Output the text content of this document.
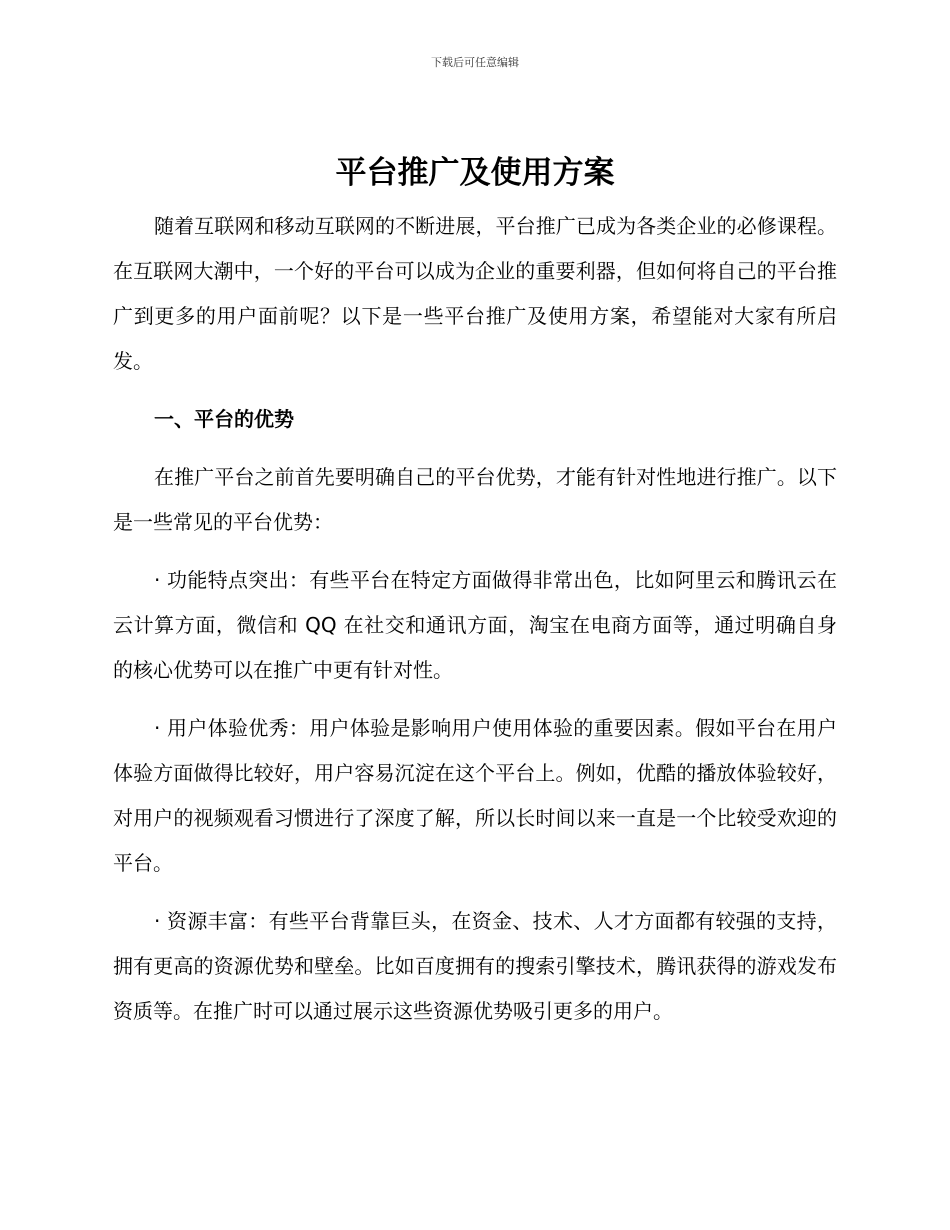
下载后可任意编辑
平台推广及使用方案

随着互联网和移动互联网的不断进展，平台推广已成为各类企业的必修课程。在互联网大潮中，一个好的平台可以成为企业的重要利器，但如何将自己的平台推广到更多的用户面前呢？以下是一些平台推广及使用方案，希望能对大家有所启发。

一、平台的优势

在推广平台之前首先要明确自己的平台优势，才能有针对性地进行推广。以下是一些常见的平台优势：

· 功能特点突出：有些平台在特定方面做得非常出色，比如阿里云和腾讯云在云计算方面，微信和 QQ 在社交和通讯方面，淘宝在电商方面等，通过明确自身的核心优势可以在推广中更有针对性。

· 用户体验优秀：用户体验是影响用户使用体验的重要因素。假如平台在用户体验方面做得比较好，用户容易沉淀在这个平台上。例如，优酷的播放体验较好，对用户的视频观看习惯进行了深度了解，所以长时间以来一直是一个比较受欢迎的平台。

· 资源丰富：有些平台背靠巨头，在资金、技术、人才方面都有较强的支持，拥有更高的资源优势和壁垒。比如百度拥有的搜索引擎技术，腾讯获得的游戏发布资质等。在推广时可以通过展示这些资源优势吸引更多的用户。
